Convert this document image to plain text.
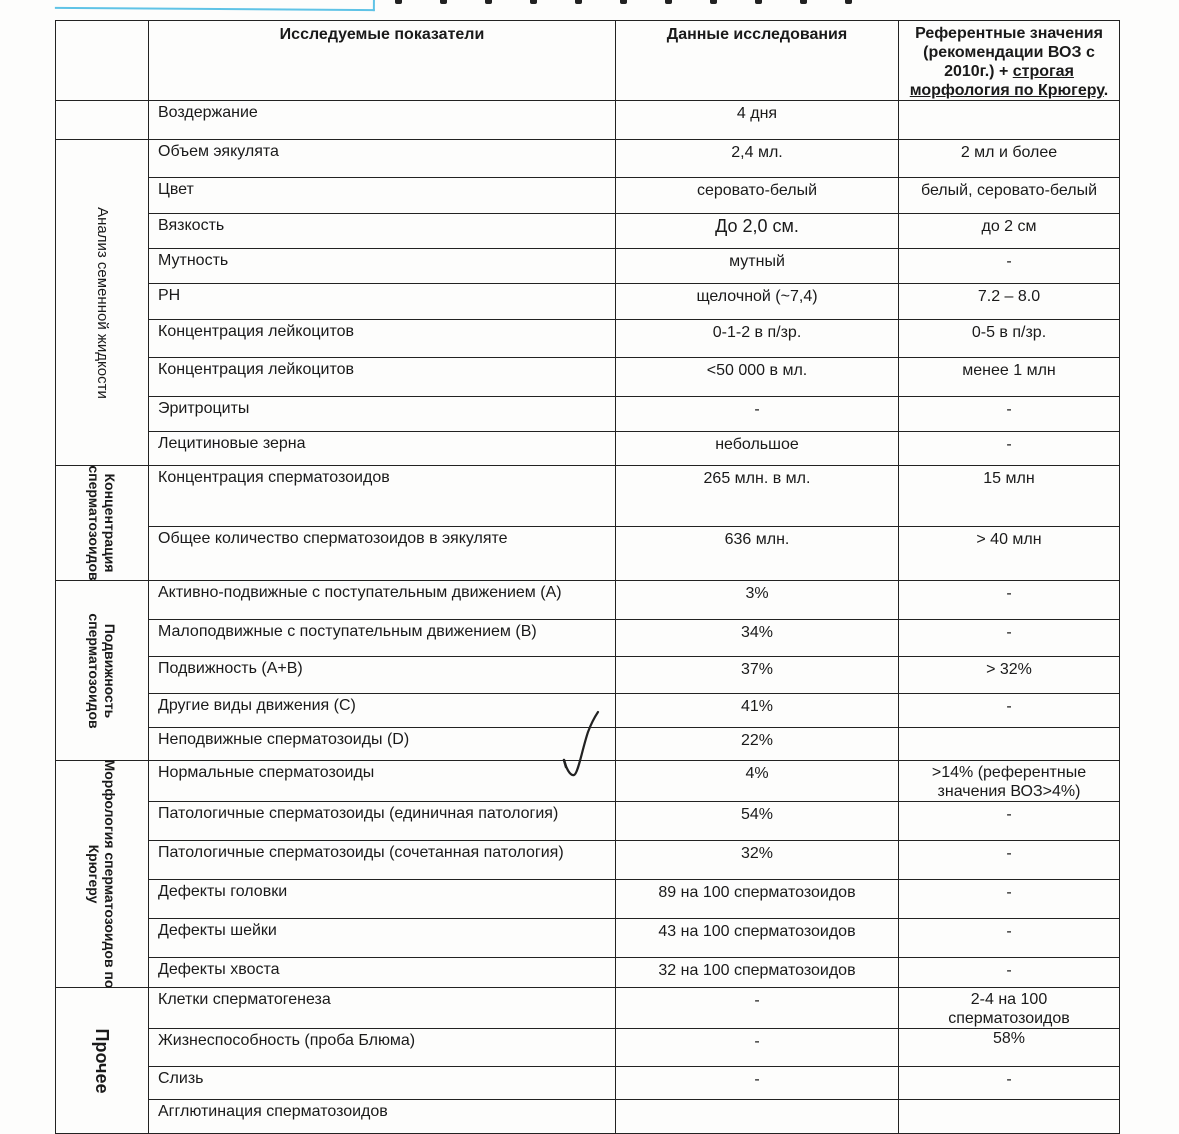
	Исследуемые показатели	Данные исследования	Референтные значения (рекомендации ВОЗ с 2010г.) + строгая морфология по Крюгеру.
	Воздержание	4 дня	

Анализ семенной жидкости	Объем эякулята	2,4 мл.	2 мл и более
	Цвет	серовато-белый	белый, серовато-белый
	Вязкость	До 2,0 см.	до 2 см
	Мутность	мутный	-
	PH	щелочной (~7,4)	7.2 – 8.0
	Концентрация лейкоцитов	0-1-2 в п/зр.	0-5 в п/зр.
	Концентрация лейкоцитов	<50 000 в мл.	менее 1 млн
	Эритроциты	-	-
	Лецитиновые зерна	небольшое	-

Концентрация
сперматозоидов	Концентрация сперматозоидов	265 млн. в мл.	15 млн
	Общее количество сперматозоидов в эякуляте	636 млн.	> 40 млн

Подвижность
сперматозоидов	Активно-подвижные с поступательным движением (A)	3%	-
	Малоподвижные с поступательным движением (B)	34%	-
	Подвижность (A+B)	37%	> 32%
	Другие виды движения (C)	41%	-
	Неподвижные сперматозоиды (D)	22%	

Морфология сперматозоидов по
Крюгеру	Нормальные сперматозоиды	4%	>14% (референтные
значения ВОЗ>4%)
	Патологичные сперматозоиды (единичная патология)	54%	-
	Патологичные сперматозоиды (сочетанная патология)	32%	-
	Дефекты головки	89 на 100 сперматозоидов	-
	Дефекты шейки	43 на 100 сперматозоидов	-
	Дефекты хвоста	32 на 100 сперматозоидов	-

Прочее	Клетки сперматогенеза	-	2-4 на 100
сперматозоидов
	Жизнеспособность (проба Блюма)	-	58%
	Слизь	-	-
	Агглютинация сперматозоидов		
